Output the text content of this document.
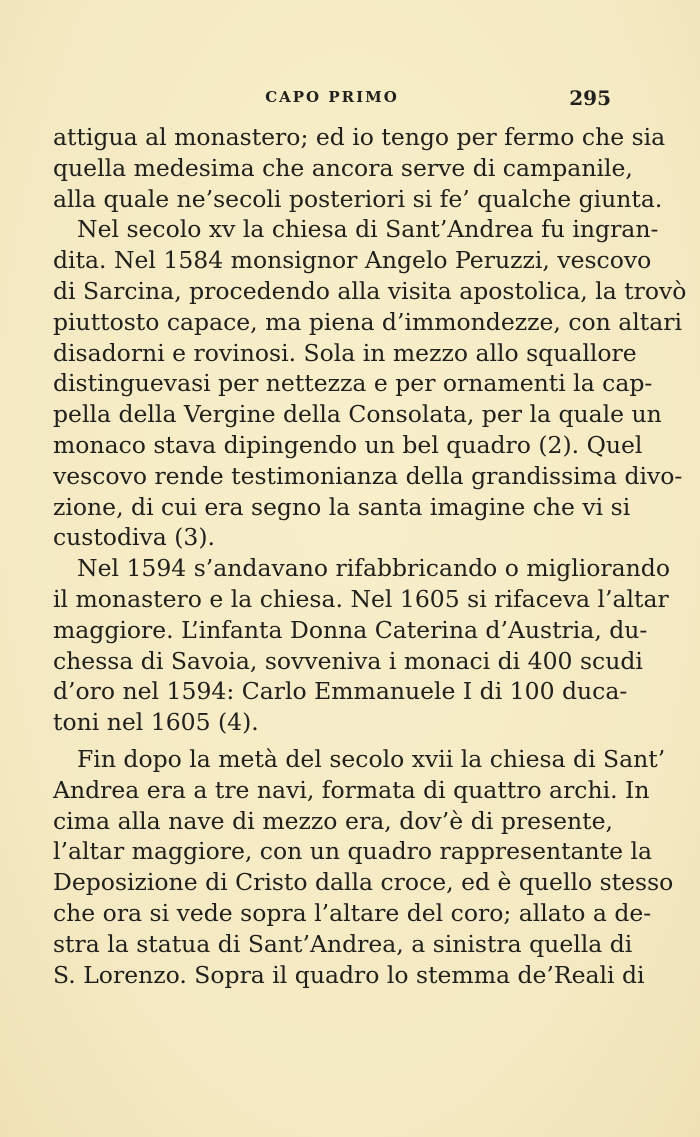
CAPO PRIMO	295
attigua al monastero; ed io tengo per fermo che sia
quella medesima che ancora serve di campanile,
alla quale ne’secoli posteriori si fe’ qualche giunta.
Nel secolo xv la chiesa di Sant’Andrea fu ingran-
dita. Nel 1584 monsignor Angelo Peruzzi, vescovo
di Sarcina, procedendo alla visita apostolica, la trovò
piuttosto capace, ma piena d’immondezze, con altari
disadorni e rovinosi. Sola in mezzo allo squallore
distinguevasi per nettezza e per ornamenti la cap-
pella della Vergine della Consolata, per la quale un
monaco stava dipingendo un bel quadro (2). Quel
vescovo rende testimonianza della grandissima divo-
zione, di cui era segno la santa imagine che vi si
custodiva (3).
Nel 1594 s’andavano rifabbricando o migliorando
il monastero e la chiesa. Nel 1605 si rifaceva l’altar
maggiore. L’infanta Donna Caterina d’Austria, du-
chessa di Savoia, sovveniva i monaci di 400 scudi
d’oro nel 1594: Carlo Emmanuele I di 100 duca-
toni nel 1605 (4).
Fin dopo la metà del secolo xvii la chiesa di Sant’
Andrea era a tre navi, formata di quattro archi. In
cima alla nave di mezzo era, dov’è di presente,
l’altar maggiore, con un quadro rappresentante la
Deposizione di Cristo dalla croce, ed è quello stesso
che ora si vede sopra l’altare del coro; allato a de-
stra la statua di Sant’Andrea, a sinistra quella di
S. Lorenzo. Sopra il quadro lo stemma de’Reali di
